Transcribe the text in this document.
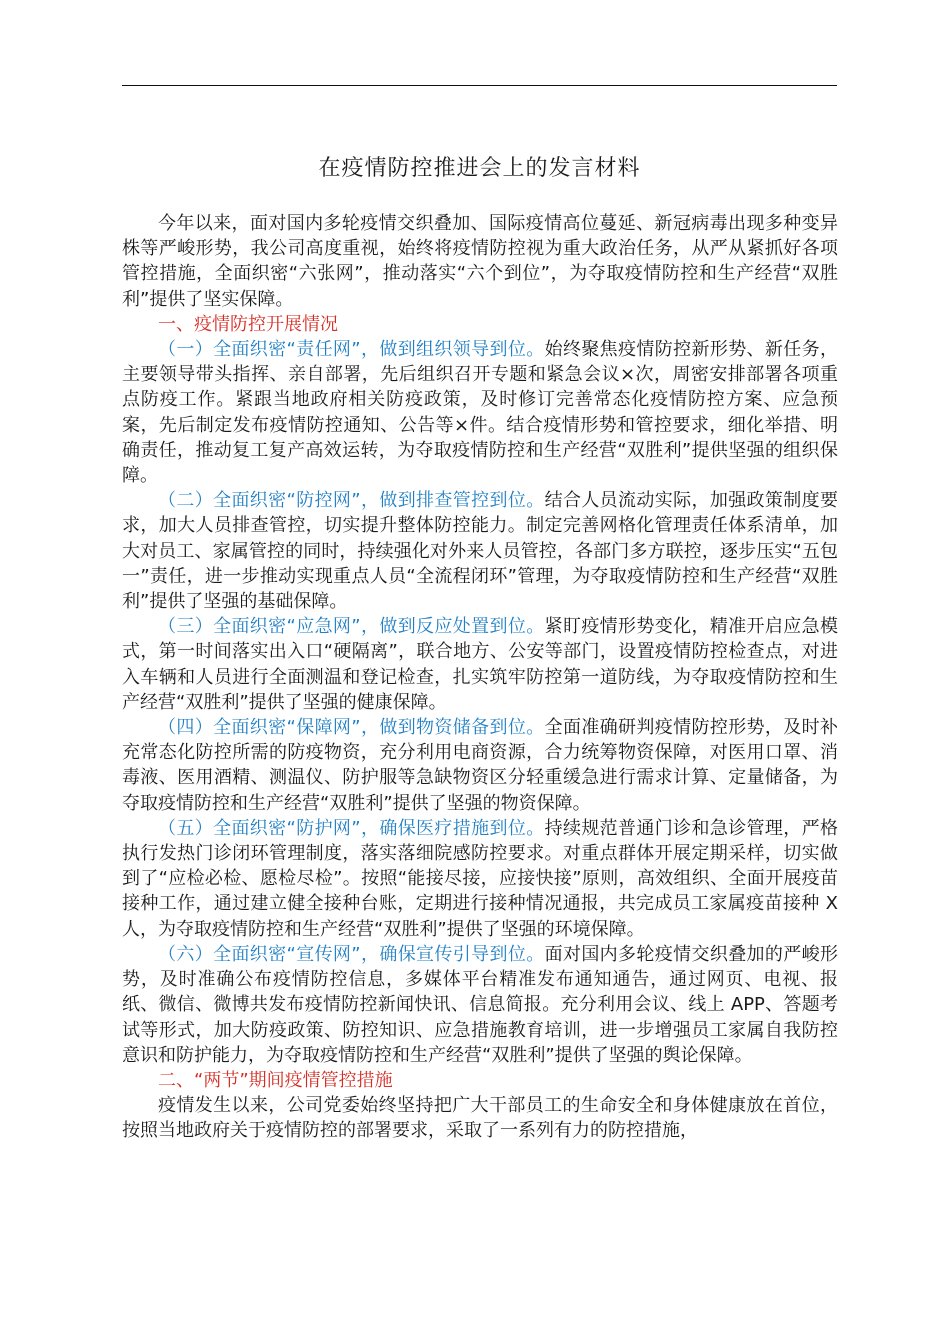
在疫情防控推进会上的发言材料

今年以来，面对国内多轮疫情交织叠加、国际疫情高位蔓延、新冠病毒出现多种变异株等严峻形势，我公司高度重视，始终将疫情防控视为重大政治任务，从严从紧抓好各项管控措施，全面织密“六张网”，推动落实“六个到位”，为夺取疫情防控和生产经营“双胜利”提供了坚实保障。

一、疫情防控开展情况

（一）全面织密“责任网”，做到组织领导到位。始终聚焦疫情防控新形势、新任务，主要领导带头指挥、亲自部署，先后组织召开专题和紧急会议×次，周密安排部署各项重点防疫工作。紧跟当地政府相关防疫政策，及时修订完善常态化疫情防控方案、应急预案，先后制定发布疫情防控通知、公告等×件。结合疫情形势和管控要求，细化举措、明确责任，推动复工复产高效运转，为夺取疫情防控和生产经营“双胜利”提供坚强的组织保障。

（二）全面织密“防控网”，做到排查管控到位。结合人员流动实际，加强政策制度要求，加大人员排查管控，切实提升整体防控能力。制定完善网格化管理责任体系清单，加大对员工、家属管控的同时，持续强化对外来人员管控，各部门多方联控，逐步压实“五包一”责任，进一步推动实现重点人员“全流程闭环”管理，为夺取疫情防控和生产经营“双胜利”提供了坚强的基础保障。

（三）全面织密“应急网”，做到反应处置到位。紧盯疫情形势变化，精准开启应急模式，第一时间落实出入口“硬隔离”，联合地方、公安等部门，设置疫情防控检查点，对进入车辆和人员进行全面测温和登记检查，扎实筑牢防控第一道防线，为夺取疫情防控和生产经营“双胜利”提供了坚强的健康保障。

（四）全面织密“保障网”，做到物资储备到位。全面准确研判疫情防控形势，及时补充常态化防控所需的防疫物资，充分利用电商资源，合力统筹物资保障，对医用口罩、消毒液、医用酒精、测温仪、防护服等急缺物资区分轻重缓急进行需求计算、定量储备，为夺取疫情防控和生产经营“双胜利”提供了坚强的物资保障。

（五）全面织密“防护网”，确保医疗措施到位。持续规范普通门诊和急诊管理，严格执行发热门诊闭环管理制度，落实落细院感防控要求。对重点群体开展定期采样，切实做到了“应检必检、愿检尽检”。按照“能接尽接，应接快接”原则，高效组织、全面开展疫苗接种工作，通过建立健全接种台账，定期进行接种情况通报，共完成员工家属疫苗接种 X 人，为夺取疫情防控和生产经营“双胜利”提供了坚强的环境保障。

（六）全面织密“宣传网”，确保宣传引导到位。面对国内多轮疫情交织叠加的严峻形势，及时准确公布疫情防控信息，多媒体平台精准发布通知通告，通过网页、电视、报纸、微信、微博共发布疫情防控新闻快讯、信息简报。充分利用会议、线上 APP、答题考试等形式，加大防疫政策、防控知识、应急措施教育培训，进一步增强员工家属自我防控意识和防护能力，为夺取疫情防控和生产经营“双胜利”提供了坚强的舆论保障。

二、“两节”期间疫情管控措施

疫情发生以来，公司党委始终坚持把广大干部员工的生命安全和身体健康放在首位，按照当地政府关于疫情防控的部署要求，采取了一系列有力的防控措施，
